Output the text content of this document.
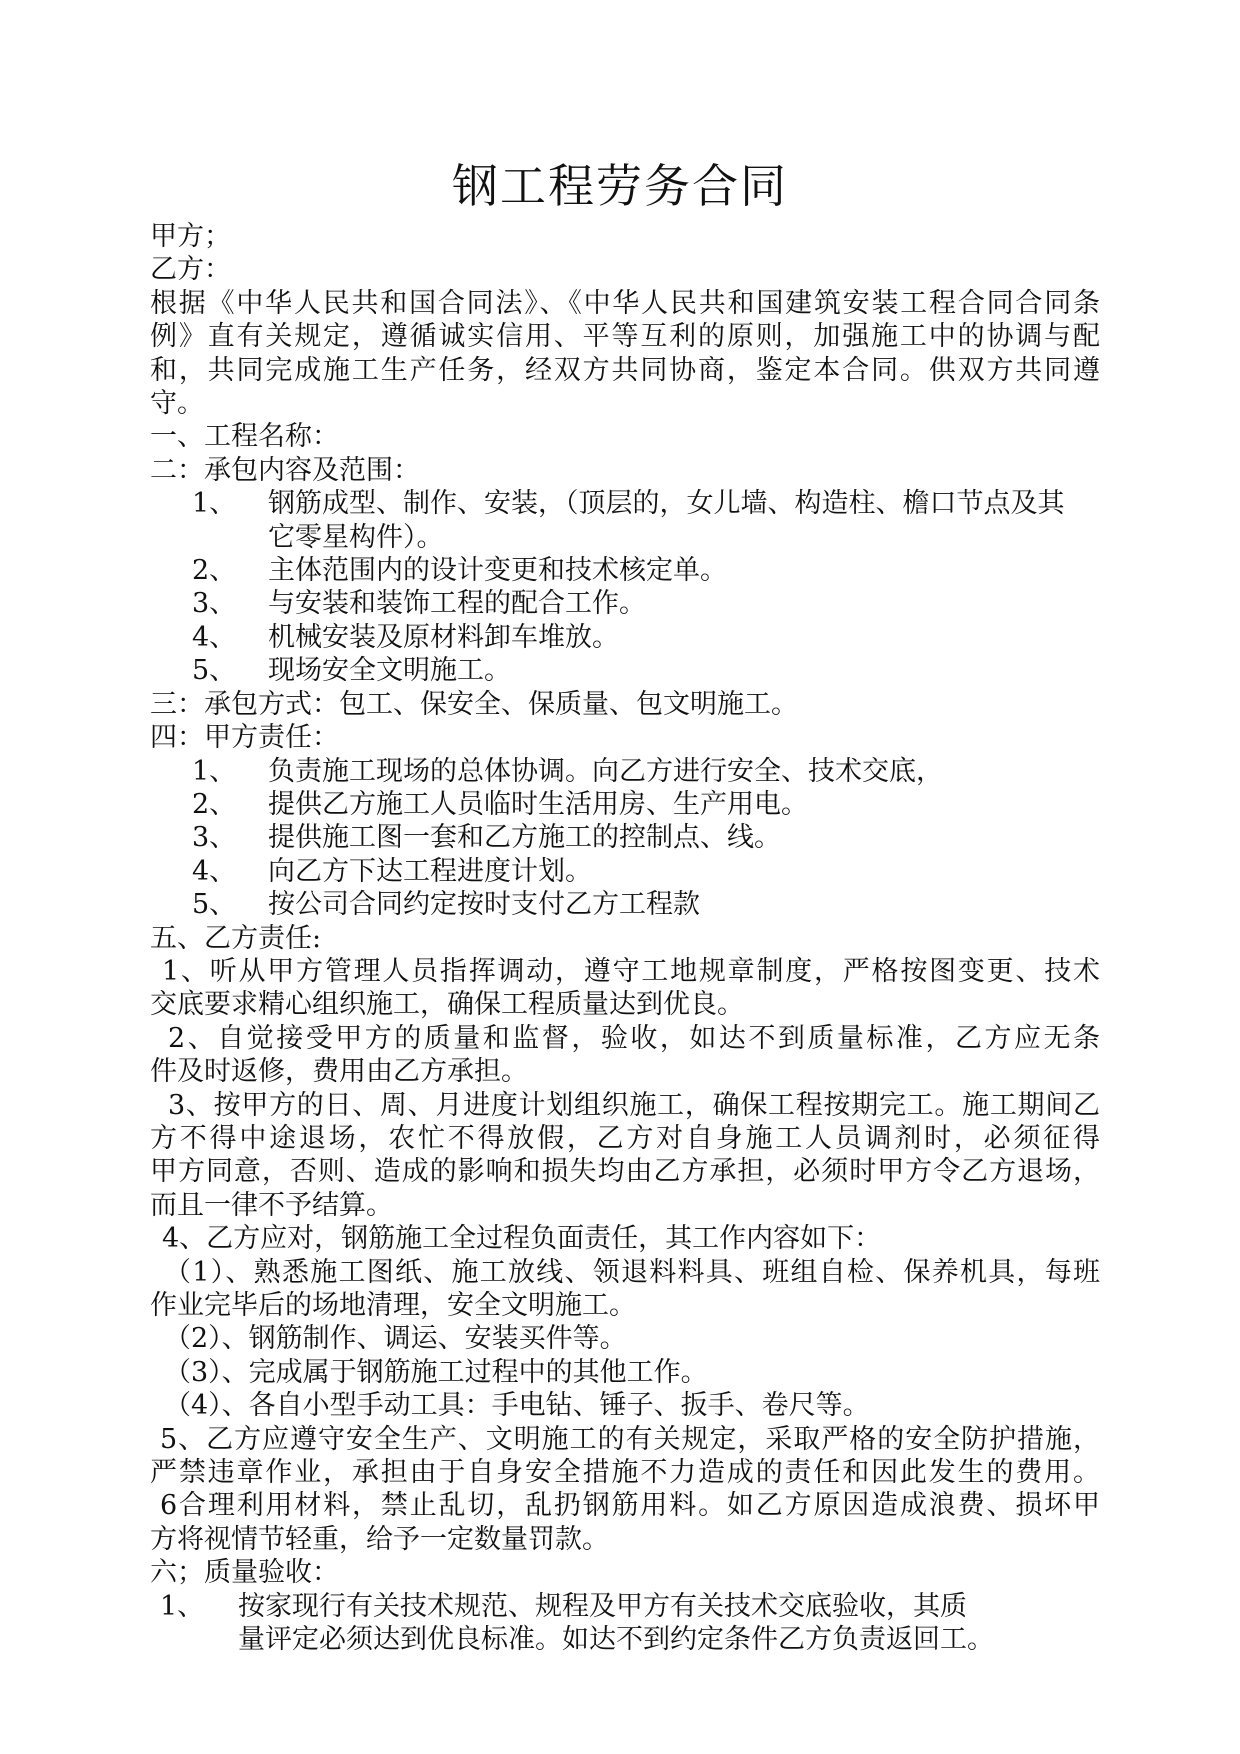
钢工程劳务合同

甲方；

乙方：

根据《中华人民共和国合同法》、《中华人民共和国建筑安装工程合同合同条

例》直有关规定，遵循诚实信用、平等互利的原则，加强施工中的协调与配

和，共同完成施工生产任务，经双方共同协商，鉴定本合同。供双方共同遵

守。

一、工程名称：

二：承包内容及范围：

1、	钢筋成型、制作、安装，（顶层的，女儿墙、构造柱、檐口节点及其
它零星构件）。
2、	主体范围内的设计变更和技术核定单。
3、	与安装和装饰工程的配合工作。
4、	机械安装及原材料卸车堆放。
5、	现场安全文明施工。

三：承包方式：包工、保安全、保质量、包文明施工。

四：甲方责任：

1、	负责施工现场的总体协调。向乙方进行安全、技术交底，
2、	提供乙方施工人员临时生活用房、生产用电。
3、	提供施工图一套和乙方施工的控制点、线。
4、	向乙方下达工程进度计划。
5、	按公司合同约定按时支付乙方工程款

五、乙方责任:

1、听从甲方管理人员指挥调动，遵守工地规章制度，严格按图变更、技术

交底要求精心组织施工，确保工程质量达到优良。

2、自觉接受甲方的质量和监督，验收，如达不到质量标准，乙方应无条

件及时返修，费用由乙方承担。

3、按甲方的日、周、月进度计划组织施工，确保工程按期完工。施工期间乙

方不得中途退场，农忙不得放假，乙方对自身施工人员调剂时，必须征得

甲方同意，否则、造成的影响和损失均由乙方承担，必须时甲方令乙方退场，

而且一律不予结算。

4、乙方应对，钢筋施工全过程负面责任，其工作内容如下：

（1）、熟悉施工图纸、施工放线、领退料料具、班组自检、保养机具，每班

作业完毕后的场地清理，安全文明施工。

（2）、钢筋制作、调运、安装买件等。

（3）、完成属于钢筋施工过程中的其他工作。

（4）、各自小型手动工具：手电钻、锤子、扳手、卷尺等。

5、乙方应遵守安全生产、文明施工的有关规定，采取严格的安全防护措施，

严禁违章作业，承担由于自身安全措施不力造成的责任和因此发生的费用。

6合理利用材料，禁止乱切，乱扔钢筋用料。如乙方原因造成浪费、损坏甲

方将视情节轻重，给予一定数量罚款。

六；质量验收：

1、	按家现行有关技术规范、规程及甲方有关技术交底验收，其质
量评定必须达到优良标准。如达不到约定条件乙方负责返回工。
